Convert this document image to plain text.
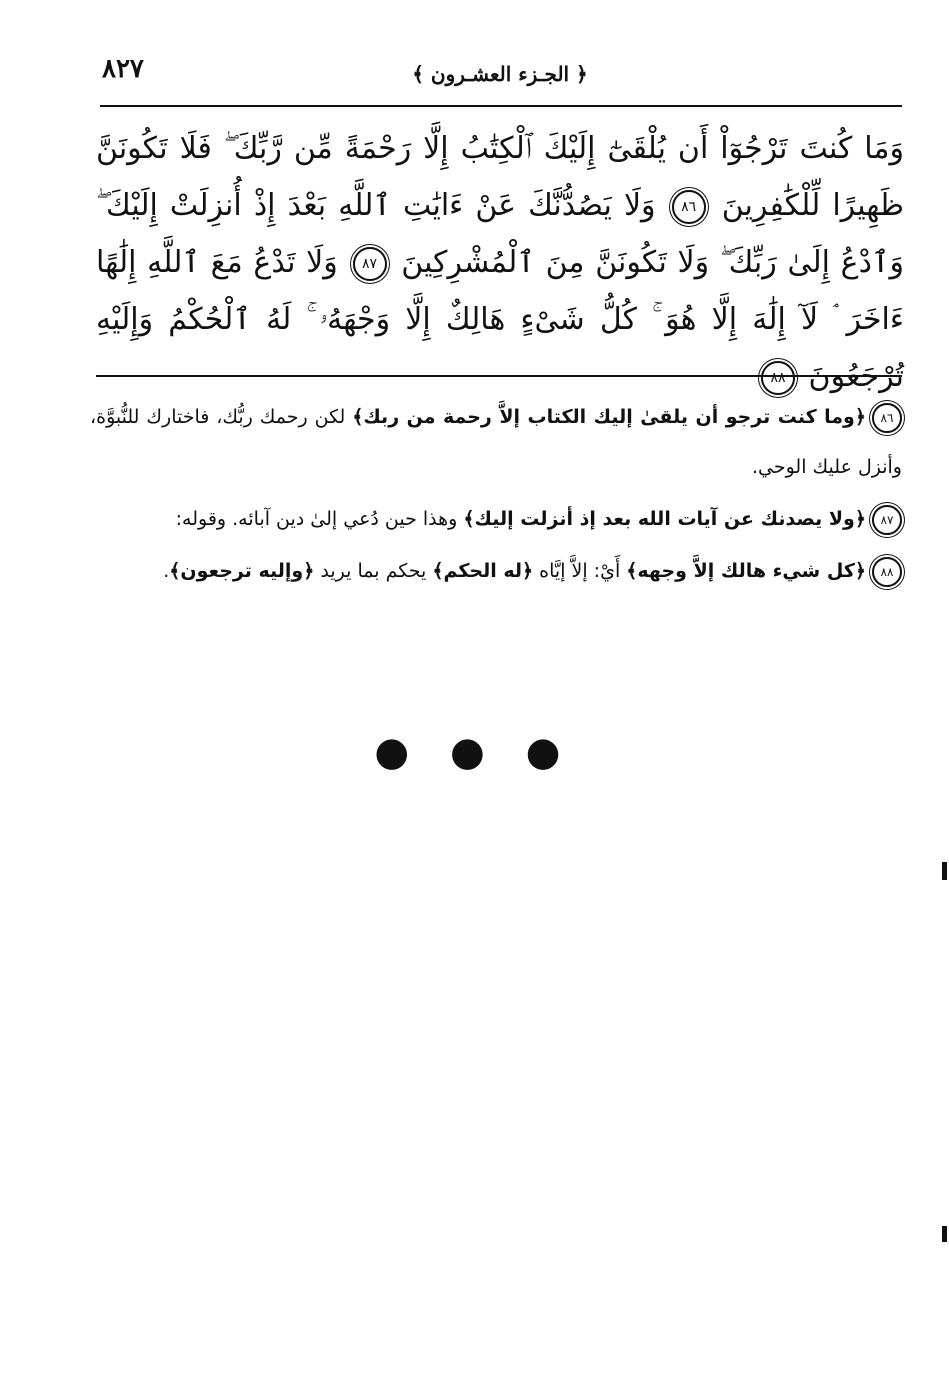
٨٢٧	﴿ الجـزء العشـرون ﴾
وَمَا كُنتَ تَرْجُوٓاْ أَن يُلْقَىٰٓ إِلَيْكَ ٱلْكِتَٰبُ إِلَّا رَحْمَةً مِّن رَّبِّكَ ۖ فَلَا تَكُونَنَّ ظَهِيرًا لِّلْكَٰفِرِينَ ٨٦ وَلَا يَصُدُّنَّكَ عَنْ ءَايَٰتِ ٱللَّهِ بَعْدَ إِذْ أُنزِلَتْ إِلَيْكَ ۖ وَٱدْعُ إِلَىٰ رَبِّكَ ۖ وَلَا تَكُونَنَّ مِنَ ٱلْمُشْرِكِينَ ٨٧ وَلَا تَدْعُ مَعَ ٱللَّهِ إِلَٰهًا ءَاخَرَ ۘ لَآ إِلَٰهَ إِلَّا هُوَ ۚ كُلُّ شَىْءٍ هَالِكٌ إِلَّا وَجْهَهُۥ ۚ لَهُ ٱلْحُكْمُ وَإِلَيْهِ تُرْجَعُونَ ٨٨

٨٦﴿وما كنت ترجو أن يلقىٰ إليك الكتاب إلاَّ رحمة من ربك﴾ لكن رحمك ربُّك، فاختارك للنُّبوَّة، وأنزل عليك الوحي.

٨٧﴿ولا يصدنك عن آيات الله بعد إذ أنزلت إليك﴾ وهذا حين دُعي إلىٰ دين آبائه. وقوله:

٨٨﴿كل شيء هالك إلاَّ وجهه﴾ أَيْ: إلاَّ إيَّاه ﴿له الحكم﴾ يحكم بما يريد ﴿وإليه ترجعون﴾.

● ● ●
